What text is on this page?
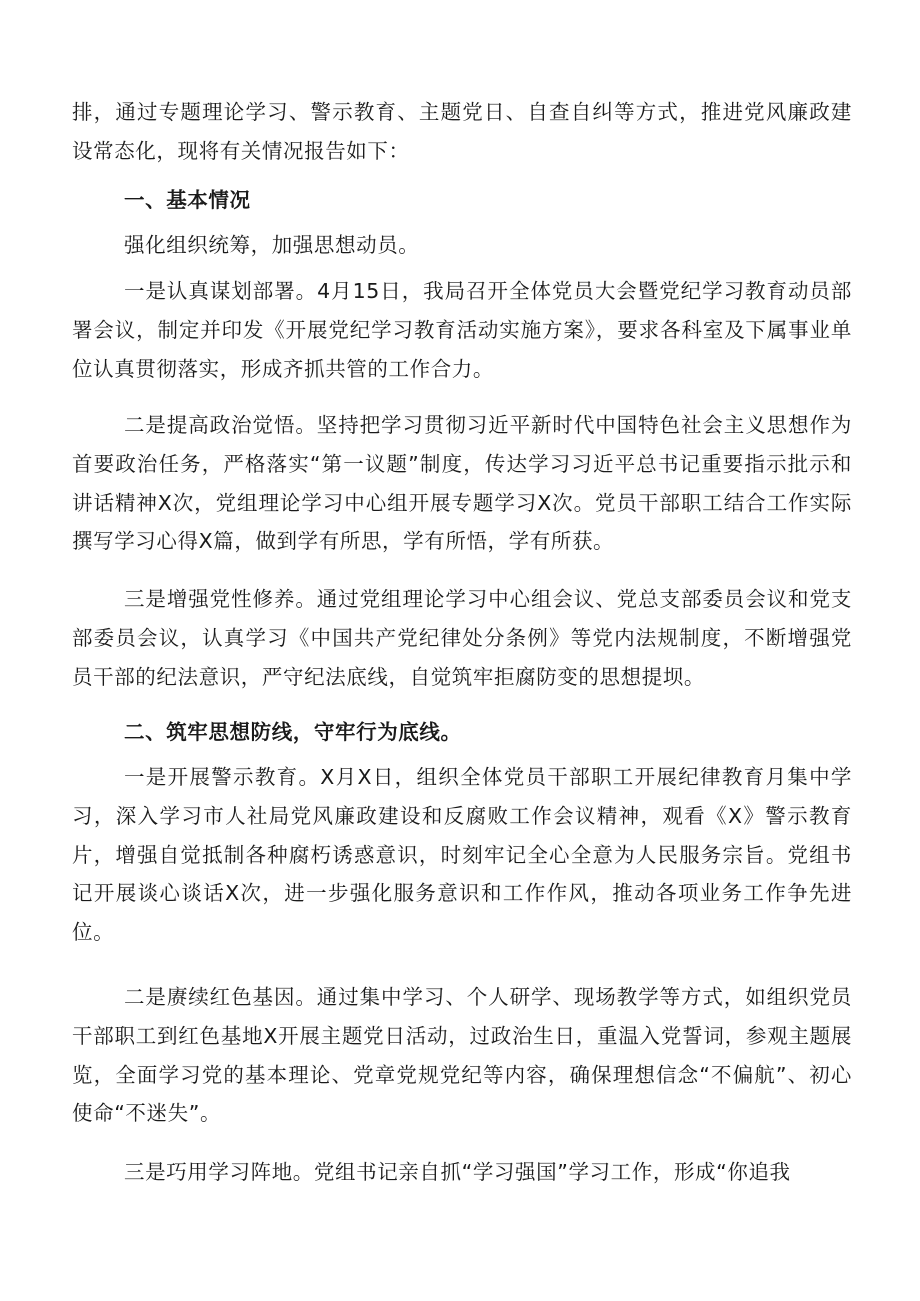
排，通过专题理论学习、警示教育、主题党日、自查自纠等方式，推进党风廉政建设常态化，现将有关情况报告如下：

一、基本情况

强化组织统筹，加强思想动员。

一是认真谋划部署。4月15日，我局召开全体党员大会暨党纪学习教育动员部署会议，制定并印发《开展党纪学习教育活动实施方案》，要求各科室及下属事业单位认真贯彻落实，形成齐抓共管的工作合力。

二是提高政治觉悟。坚持把学习贯彻习近平新时代中国特色社会主义思想作为首要政治任务，严格落实“第一议题”制度，传达学习习近平总书记重要指示批示和讲话精神X次，党组理论学习中心组开展专题学习X次。党员干部职工结合工作实际撰写学习心得X篇，做到学有所思，学有所悟，学有所获。

三是增强党性修养。通过党组理论学习中心组会议、党总支部委员会议和党支部委员会议，认真学习《中国共产党纪律处分条例》等党内法规制度，不断增强党员干部的纪法意识，严守纪法底线，自觉筑牢拒腐防变的思想提坝。

二、筑牢思想防线，守牢行为底线。

一是开展警示教育。X月X日，组织全体党员干部职工开展纪律教育月集中学习，深入学习市人社局党风廉政建设和反腐败工作会议精神，观看《X》警示教育片，增强自觉抵制各种腐朽诱惑意识，时刻牢记全心全意为人民服务宗旨。党组书记开展谈心谈话X次，进一步强化服务意识和工作作风，推动各项业务工作争先进位。

二是赓续红色基因。通过集中学习、个人研学、现场教学等方式，如组织党员干部职工到红色基地X开展主题党日活动，过政治生日，重温入党誓词，参观主题展览，全面学习党的基本理论、党章党规党纪等内容，确保理想信念“不偏航”、初心使命“不迷失”。

三是巧用学习阵地。党组书记亲自抓“学习强国”学习工作，形成“你追我
